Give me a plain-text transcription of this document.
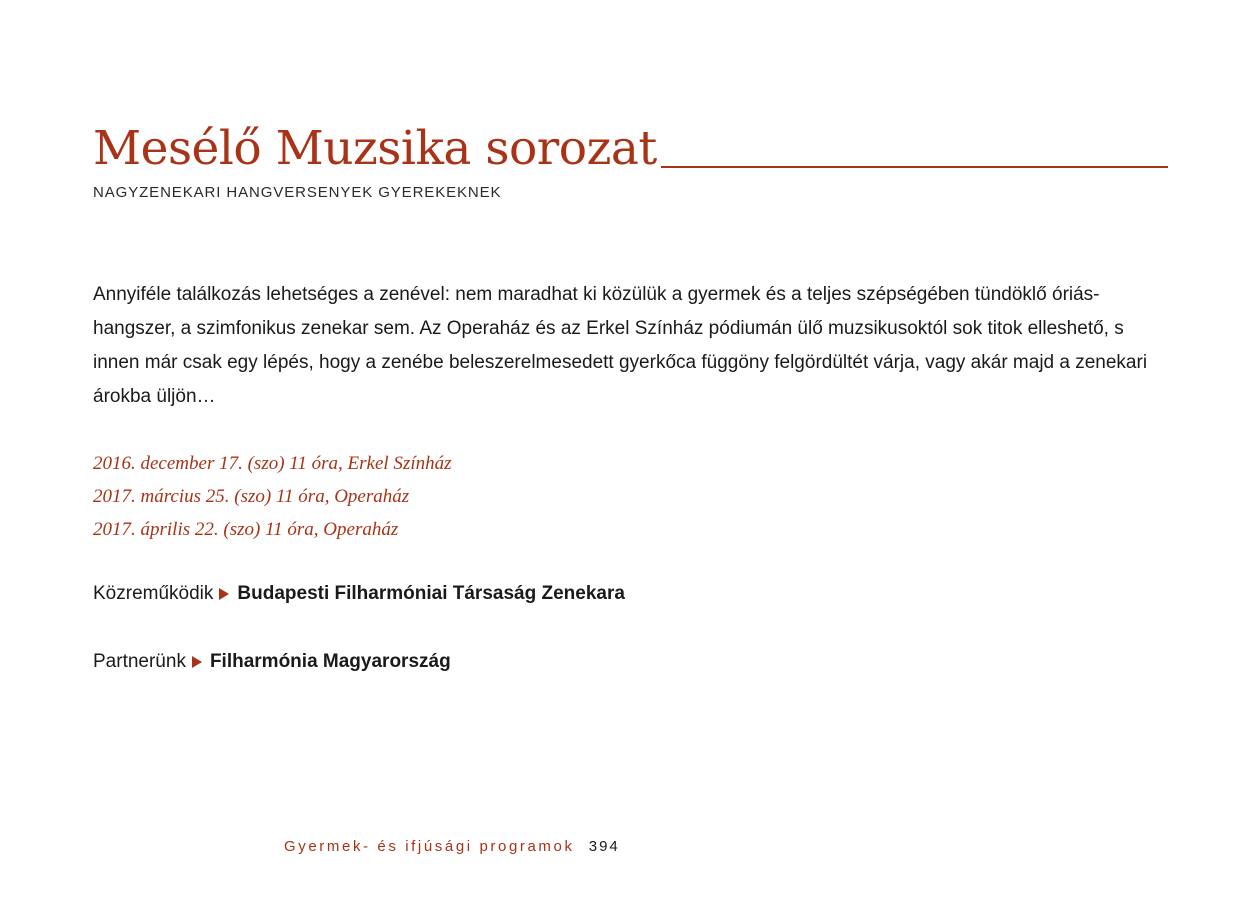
Mesélő Muzsika sorozat
NAGYZENEKARI HANGVERSENYEK GYEREKEKNEK

Annyiféle találkozás lehetséges a zenével: nem maradhat ki közülük a gyermek és a teljes szépségében tündöklő óriás-hangszer, a szimfonikus zenekar sem. Az Operaház és az Erkel Színház pódiumán ülő muzsikusoktól sok titok elleshető, s innen már csak egy lépés, hogy a zenébe beleszerelmesedett gyerkőca függöny felgördültét várja, vagy akár majd a zenekari árokba üljön…

2016. december 17. (szo) 11 óra, Erkel Színház
2017. március 25. (szo) 11 óra, Operaház
2017. április 22. (szo) 11 óra, Operaház
Közreműködik Budapesti Filharmóniai Társaság Zenekara
Partnerünk Filharmónia Magyarország
Gyermek- és ifjúsági programok 394
